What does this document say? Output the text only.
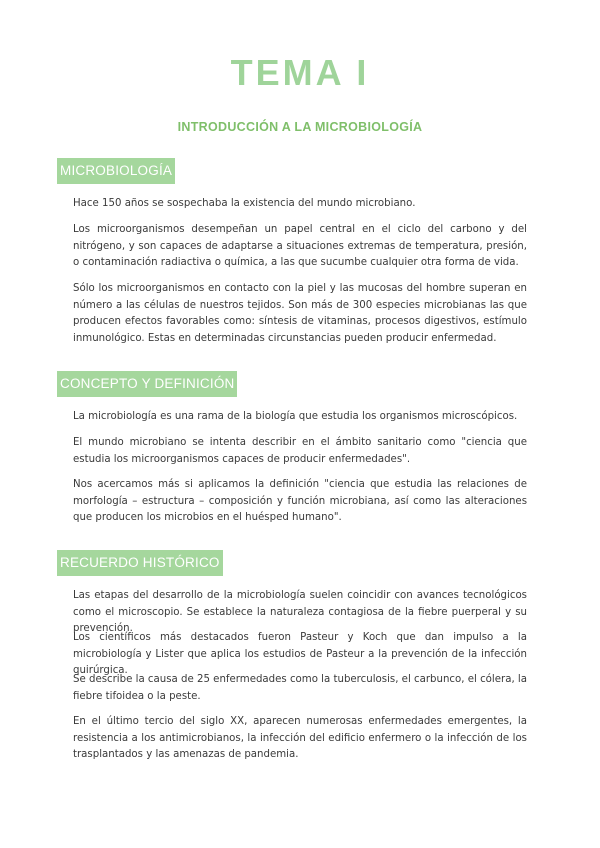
TEMA I
INTRODUCCIÓN A LA MICROBIOLOGÍA
MICROBIOLOGÍA

Hace 150 años se sospechaba la existencia del mundo microbiano.

Los microorganismos desempeñan un papel central en el ciclo del carbono y del nitrógeno, y son capaces de adaptarse a situaciones extremas de temperatura, presión, o contaminación radiactiva o química, a las que sucumbe cualquier otra forma de vida.

Sólo los microorganismos en contacto con la piel y las mucosas del hombre superan en número a las células de nuestros tejidos. Son más de 300 especies microbianas las que producen efectos favorables como: síntesis de vitaminas, procesos digestivos, estímulo inmunológico. Estas en determinadas circunstancias pueden producir enfermedad.

CONCEPTO Y DEFINICIÓN

La microbiología es una rama de la biología que estudia los organismos microscópicos.

El mundo microbiano se intenta describir en el ámbito sanitario como "ciencia que estudia los microorganismos capaces de producir enfermedades".

Nos acercamos más si aplicamos la definición "ciencia que estudia las relaciones de morfología – estructura – composición y función microbiana, así como las alteraciones que producen los microbios en el huésped humano".

RECUERDO HISTÓRICO

Las etapas del desarrollo de la microbiología suelen coincidir con avances tecnológicos como el microscopio. Se establece la naturaleza contagiosa de la fiebre puerperal y su prevención.

Los científicos más destacados fueron Pasteur y Koch que dan impulso a la microbiología y Lister que aplica los estudios de Pasteur a la prevención de la infección quirúrgica.

Se describe la causa de 25 enfermedades como la tuberculosis, el carbunco, el cólera, la fiebre tifoidea o la peste.

En el último tercio del siglo XX, aparecen numerosas enfermedades emergentes, la resistencia a los antimicrobianos, la infección del edificio enfermero o la infección de los trasplantados y las amenazas de pandemia.
